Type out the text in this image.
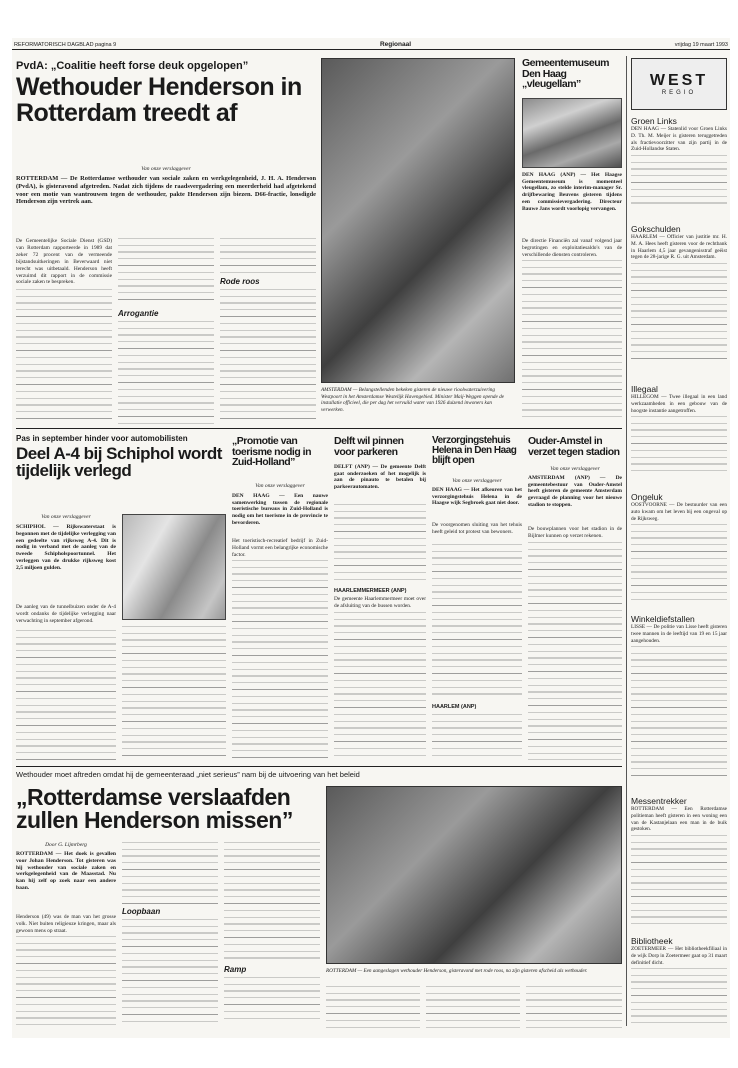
REFORMATORISCH DAGBLAD pagina 9	Regionaal	vrijdag 19 maart 1993
PvdA: „Coalitie heeft forse deuk opgelopen”
Wethouder Henderson in Rotterdam treedt af
Van onze verslaggever
ROTTERDAM — De Rotterdamse wethouder van sociale zaken en werkgelegenheid, J. H. A. Henderson (PvdA), is gisteravond afgetreden. Nadat zich tijdens de raadsvergadering een meerderheid had afgetekend voor een motie van wantrouwen tegen de wethouder, pakte Henderson zijn biezen. D66-fractie, lonsdigde Henderson zijn vertrek aan.
De Gemeentelijke Sociale Dienst (GSD) van Rotterdam rapporteerde in 1989 dat zeker 72 procent van de vermeende bijstandsuitkeringen in Beverwaard niet terecht was uitbetaald. Henderson heeft verzuimd dit rapport in de commissie sociale zaken te bespreken.
Arrogantie
Rode roos
AMSTERDAM — Belangstellenden bekeken gisteren de nieuwe rioolwaterzuivering Westpoort in het Amsterdamse Westelijk Havengebied. Minister Maij-Weggen opende de installatie officieel, die per dag het vervuild water van 1926 duizend inwoners kan verwerken.
Gemeentemuseum Den Haag „vleugellam”
DEN HAAG (ANP) — Het Haagse Gemeentemuseum is momenteel vleugellam, zo stelde interim-manager Sr. drijfbewaring Beuvens gisteren tijdens een commissievergadering. Directeur Bauwe Jans wordt voorlopig vervangen.
De directie Financiën zal vanaf volgend jaar begrotingen en exploitatiesaldo's van de verschillende diensten controleren.
WEST
REGIO
Groen Links
DEN HAAG — Statenlid voor Groen Links D. Th. M. Meijer is gisteren teruggetreden als fractievoorzitter van zijn partij in de Zuid-Hollandse Staten.
Gokschulden
HAARLEM — Officier van justitie mr. H. M. A. Hees heeft gisteren voor de rechtbank in Haarlem 4,5 jaar gevangenisstraf geëist tegen de 28-jarige R. G. uit Amsterdam.
Illegaal
HILLEGOM — Twee illegaal in een land werkzaamheden in een gebouw van de hoogste instantie aangetroffen.
Ongeluk
OOSTVOORNE — De bestuurder van een auto kwam om het leven bij een ongeval op de Rijksweg.
Winkeldiefstallen
LISSE — De politie van Lisse heeft gisteren twee mannen in de leeftijd van 19 en 15 jaar aangehouden.
Messentrekker
ROTTERDAM — Een Rotterdamse politieman heeft gisteren in een woning een van de Kastanjelaan een man in de buik gestoken.
Bibliotheek
ZOETERMEER — Het bibliotheekfiliaal in de wijk Dorp in Zoetermeer gaat op 31 maart definitief dicht.
Pas in september hinder voor automobilisten
Deel A-4 bij Schiphol wordt tijdelijk verlegd
Van onze verslaggever
SCHIPHOL — Rijkswaterstaat is begonnen met de tijdelijke verlegging van een gedeelte van rijksweg A-4. Dit is nodig in verband met de aanleg van de tweede Schipholspoortunnel. Het verleggen van de drukke rijksweg kost 2,5 miljoen gulden.
De aanleg van de tunnelbuizen onder de A-4 wordt ondanks de tijdelijke verlegging naar verwachting in september afgerond.
„Promotie van toerisme nodig in Zuid-Holland”
Van onze verslaggever
DEN HAAG — Een nauwe samenwerking tussen de regionale toeristische bureaus in Zuid-Holland is nodig om het toerisme in de provincie te bevorderen.
Het toeristisch-recreatief bedrijf in Zuid-Holland vormt een belangrijke economische factor.
Delft wil pinnen voor parkeren
DELFT (ANP) — De gemeente Delft gaat onderzoeken of het mogelijk is aan de pinauto te betalen bij parkeerautomaten.
HAARLEMMERMEER (ANP)
De gemeente Haarlemmermeer moet over de afsluiting van de bussen worden.
Verzorgingstehuis Helena in Den Haag blijft open
Van onze verslaggever
DEN HAAG — Het afkeuren van het verzorgingstehuis Helena in de Haagse wijk Segbroek gaat niet door.
De voorgenomen sluiting van het tehuis heeft geleid tot protest van bewoners.
HAARLEM (ANP)
Ouder-Amstel in verzet tegen stadion
Van onze verslaggever
AMSTERDAM (ANP) — De gemeentebestuur van Ouder-Amstel heeft gisteren de gemeente Amsterdam gevraagd de planning voor het nieuwe stadion te stoppen.
De bouwplannen voor het stadion in de Bijlmer kunnen op verzet rekenen.
Wethouder moet aftreden omdat hij de gemeenteraad „niet serieus” nam bij de uitvoering van het beleid
„Rotterdamse verslaafden zullen Henderson missen”
Door G. Lijmrberg
ROTTERDAM — Het doek is gevallen voor Johan Henderson. Tot gisteren was hij wethouder van sociale zaken en werkgelegenheid van de Maasstad. Nu kan hij zelf op zoek naar een andere baan.
Henderson (49) was de man van het grosse volk. Niet buiten religieuze kringen, maar als gewoon mens op straat.
Loopbaan
Ramp	ROTTERDAM — Een aangeslagen wethouder Henderson, gisteravond met rode roos, na zijn gisteren afscheid als wethouder.
